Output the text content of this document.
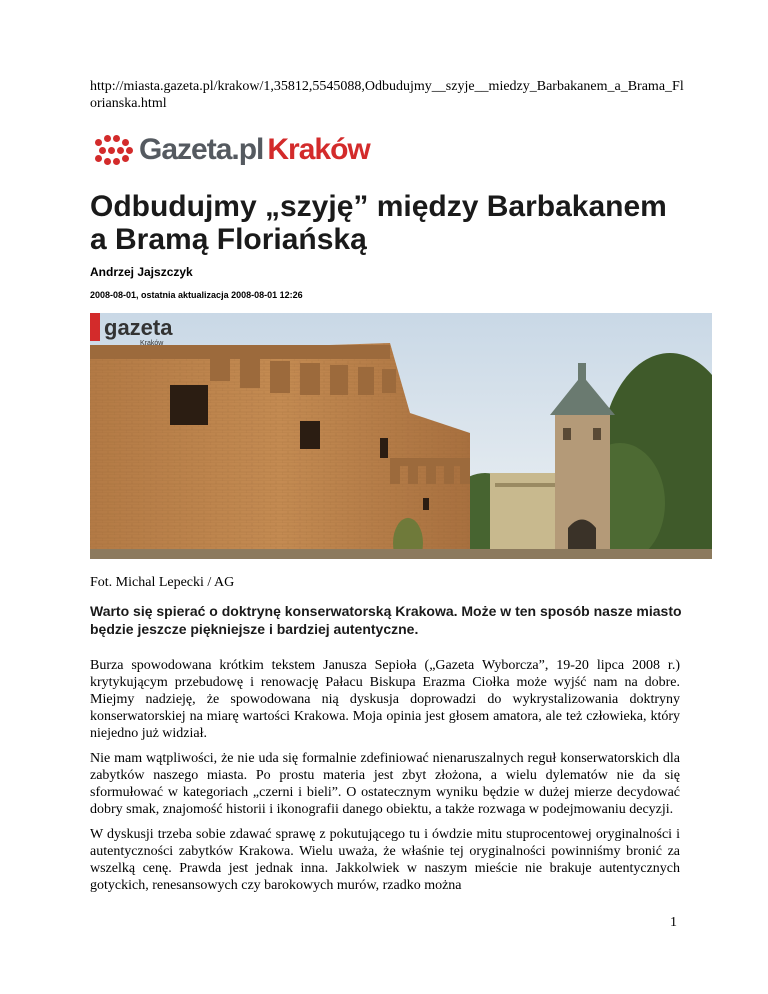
http://miasta.gazeta.pl/krakow/1,35812,5545088,Odbudujmy__szyje__miedzy_Barbakanem_a_Brama_Florianska.html
Gazeta.pl Kraków
Odbudujmy „szyję” między Barbakanem a Bramą Floriańską
Andrzej Jajszczyk
2008-08-01, ostatnia aktualizacja 2008-08-01 12:26
gazeta
Kraków
Fot. Michal Lepecki / AG

Warto się spierać o doktrynę konserwatorską Krakowa. Może w ten sposób nasze miasto będzie jeszcze piękniejsze i bardziej autentyczne.

Burza spowodowana krótkim tekstem Janusza Sepioła („Gazeta Wyborcza”, 19-20 lipca 2008 r.) krytykującym przebudowę i renowację Pałacu Biskupa Erazma Ciołka może wyjść nam na dobre. Miejmy nadzieję, że spowodowana nią dyskusja doprowadzi do wykrystalizowania doktryny konserwatorskiej na miarę wartości Krakowa. Moja opinia jest głosem amatora, ale też człowieka, który niejedno już widział.

Nie mam wątpliwości, że nie uda się formalnie zdefiniować nienaruszalnych reguł konserwatorskich dla zabytków naszego miasta. Po prostu materia jest zbyt złożona, a wielu dylematów nie da się sformułować w kategoriach „czerni i bieli”. O ostatecznym wyniku będzie w dużej mierze decydować dobry smak, znajomość historii i ikonografii danego obiektu, a także rozwaga w podejmowaniu decyzji.

W dyskusji trzeba sobie zdawać sprawę z pokutującego tu i ówdzie mitu stuprocentowej oryginalności i autentyczności zabytków Krakowa. Wielu uważa, że właśnie tej oryginalności powinniśmy bronić za wszelką cenę. Prawda jest jednak inna. Jakkolwiek w naszym mieście nie brakuje autentycznych gotyckich, renesansowych czy barokowych murów, rzadko można

1
